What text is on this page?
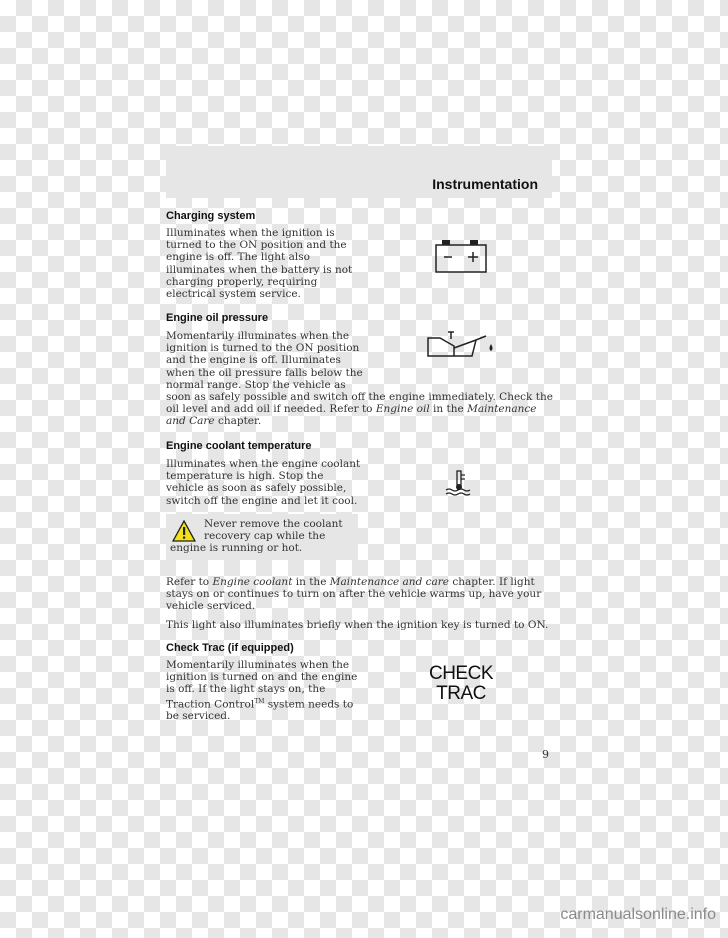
Instrumentation
Charging system
Illuminates when the ignition is
turned to the ON position and the
engine is off. The light also
illuminates when the battery is not
charging properly, requiring
electrical system service.
Engine oil pressure
Momentarily illuminates when the
ignition is turned to the ON position
and the engine is off. Illuminates
when the oil pressure falls below the
normal range. Stop the vehicle as
soon as safely possible and switch off the engine immediately. Check the
oil level and add oil if needed. Refer to Engine oil in the Maintenance
and Care chapter.
Engine coolant temperature
Illuminates when the engine coolant
temperature is high. Stop the
vehicle as soon as safely possible,
switch off the engine and let it cool.
Never remove the coolant
recovery cap while the
engine is running or hot.
Refer to Engine coolant in the Maintenance and care chapter. If light
stays on or continues to turn on after the vehicle warms up, have your
vehicle serviced.
This light also illuminates briefly when the ignition key is turned to ON.
Check Trac (if equipped)
Momentarily illuminates when the
ignition is turned on and the engine
is off. If the light stays on, the
Traction Control™ system needs to
be serviced.
CHECK
TRAC
9
carmanualsonline.info
